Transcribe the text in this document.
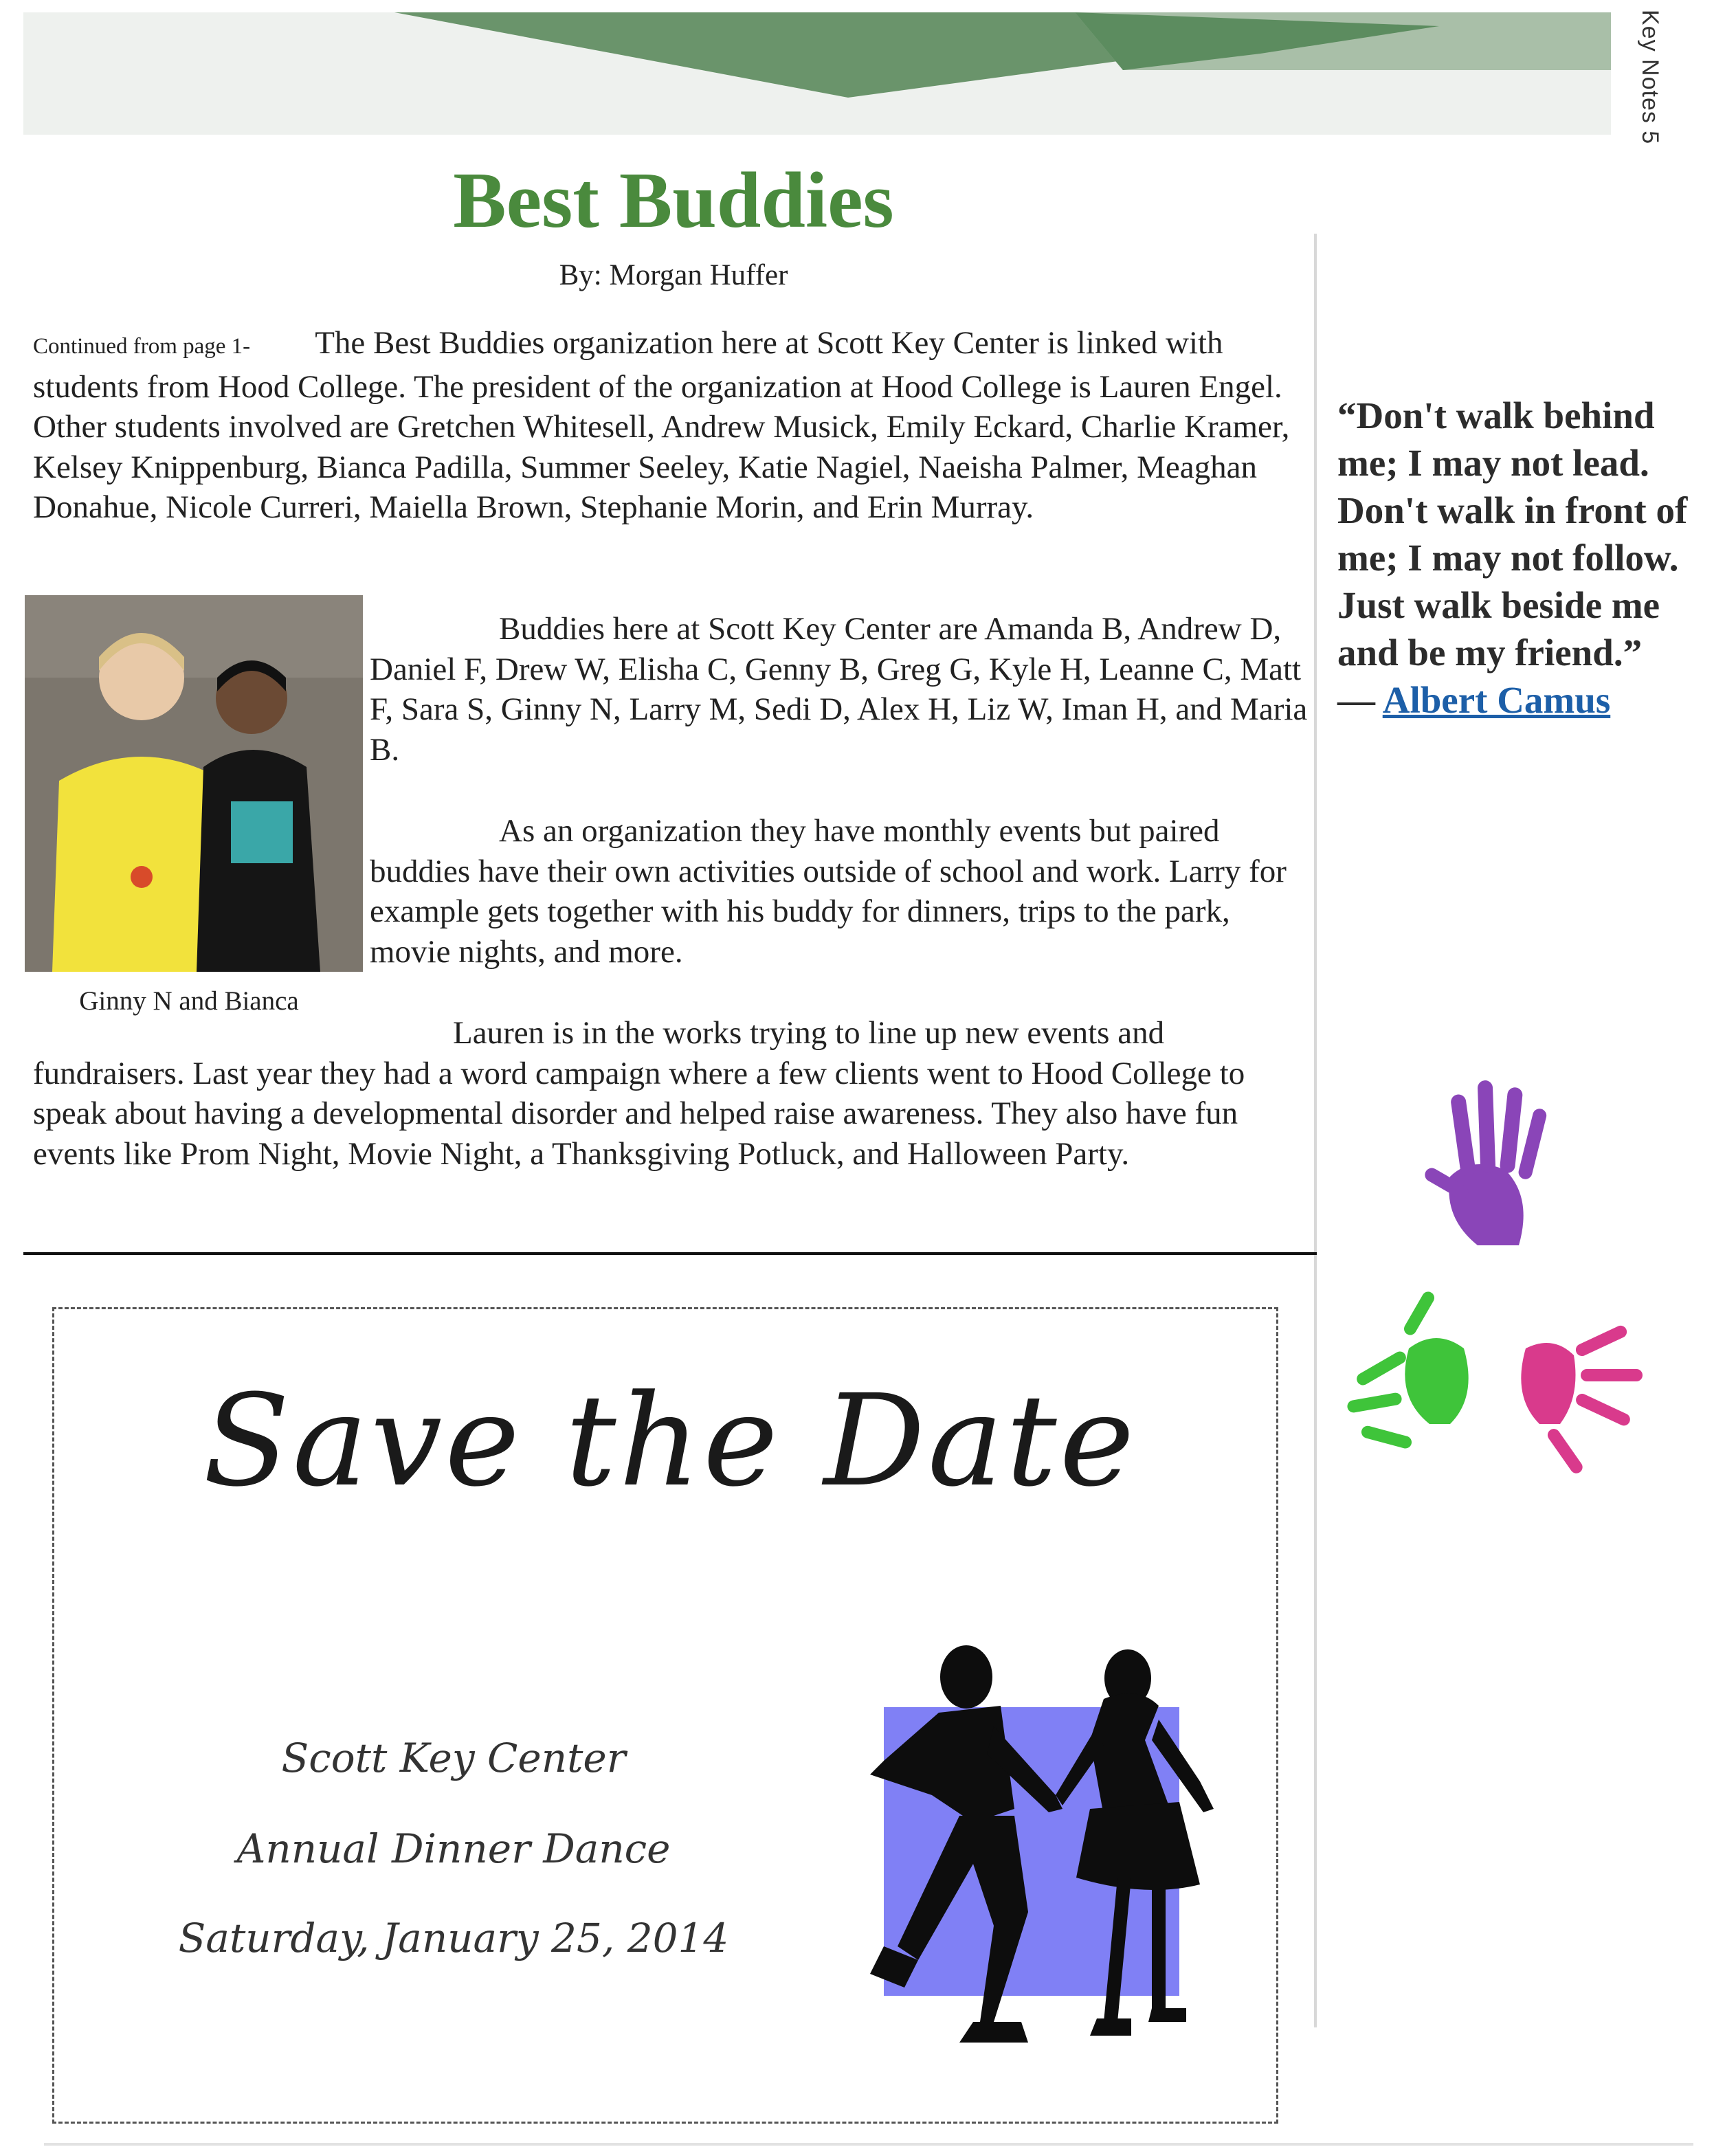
Key Notes 5
Best Buddies
By: Morgan Huffer

Continued from page 1-   The Best Buddies organization here at Scott Key Center is linked with students from Hood College. The president of the organization at Hood College is Lauren Engel. Other students involved are Gretchen Whitesell, Andrew Musick, Emily Eckard, Charlie Kramer, Kelsey Knippenburg, Bianca Padilla, Summer Seeley, Katie Nagiel, Naeisha Palmer, Meaghan Donahue, Nicole Curreri, Maiella Brown, Stephanie Morin, and Erin Murray.

Ginny N and Bianca

    Buddies here at Scott Key Center are Amanda B, Andrew D, Daniel F, Drew W, Elisha C, Genny B, Greg G, Kyle H, Leanne C, Matt F, Sara S, Ginny N, Larry M, Sedi D, Alex H, Liz W, Iman H, and Maria B.

    As an organization they have monthly events but paired buddies have their own activities outside of school and work. Larry for example gets together with his buddy for dinners, trips to the park, movie nights, and more.

             Lauren is in the works trying to line up new events and fundraisers. Last year they had a word campaign where a few clients went to Hood College to speak about having a developmental disorder and helped raise awareness. They also have fun events like Prom Night, Movie Night, a Thanksgiving Potluck, and Halloween Party.

“Don't walk behind me; I may not lead. Don't walk in front of me; I may not follow. Just walk beside me and be my friend.”
— Albert Camus

Save the Date
Scott Key Center
Annual Dinner Dance
Saturday, January 25, 2014
